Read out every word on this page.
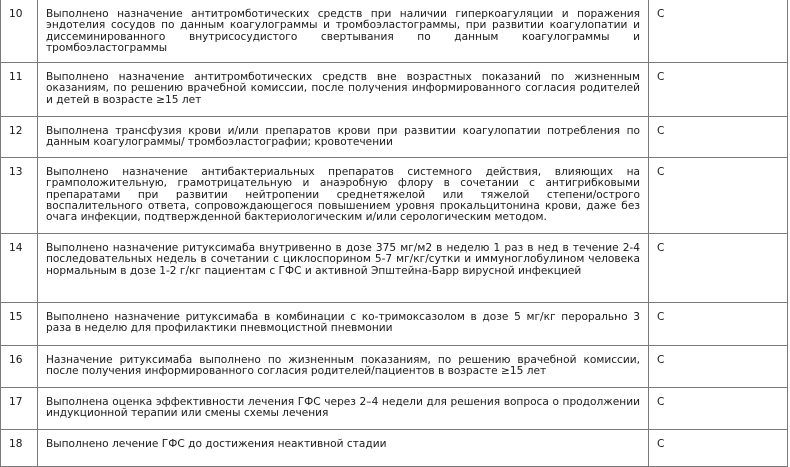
10	Выполнено назначение антитромботических средств при наличии гиперкоагуляции и поражения эндотелия сосудов по данным коагулограммы и тромбоэластограммы, при развитии коагулопатии и диссеминированного внутрисосудистого свертывания по данным коагулограммы и тромбоэластограммы	C
11	Выполнено назначение антитромботических средств вне возрастных показаний по жизненным оказаниям, по решению врачебной комиссии, после получения информированного согласия родителей и детей в возрасте ≥15 лет	C
12	Выполнена трансфузия крови и/или препаратов крови при развитии коагулопатии потребления по данным коагулограммы/ тромбоэластографии; кровотечении	C
13	Выполнено назначение антибактериальных препаратов системного действия, влияющих на грамположительную, грамотрицательную и анаэробную флору в сочетании с антигрибковыми препаратами при развитии нейтропении среднетяжелой или тяжелой степени/острого воспалительного ответа, сопровождающегося повышением уровня прокальцитонина крови, даже без очага инфекции, подтвержденной бактериологическим и/или серологическим методом.	C
14	Выполнено назначение ритуксимаба внутривенно в дозе 375 мг/м2 в неделю 1 раз в нед в течение 2-4 последовательных недель в сочетании с циклоспорином 5-7 мг/кг/сутки и иммуноглобулином человека нормальным в дозе 1-2 г/кг пациентам с ГФС и активной Эпштейна-Барр вирусной инфекцией	C
15	Выполнено назначение ритуксимаба в комбинации с ко-тримоксазолом в дозе 5 мг/кг перорально 3 раза в неделю для профилактики пневмоцистной пневмонии	C
16	Назначение ритуксимаба выполнено по жизненным показаниям, по решению врачебной комиссии, после получения информированного согласия родителей/пациентов в возрасте ≥15 лет	C
17	Выполнена оценка эффективности лечения ГФС через 2–4 недели для решения вопроса о продолжении индукционной терапии или смены схемы лечения	C
18	Выполнено лечение ГФС до достижения неактивной стадии	C
